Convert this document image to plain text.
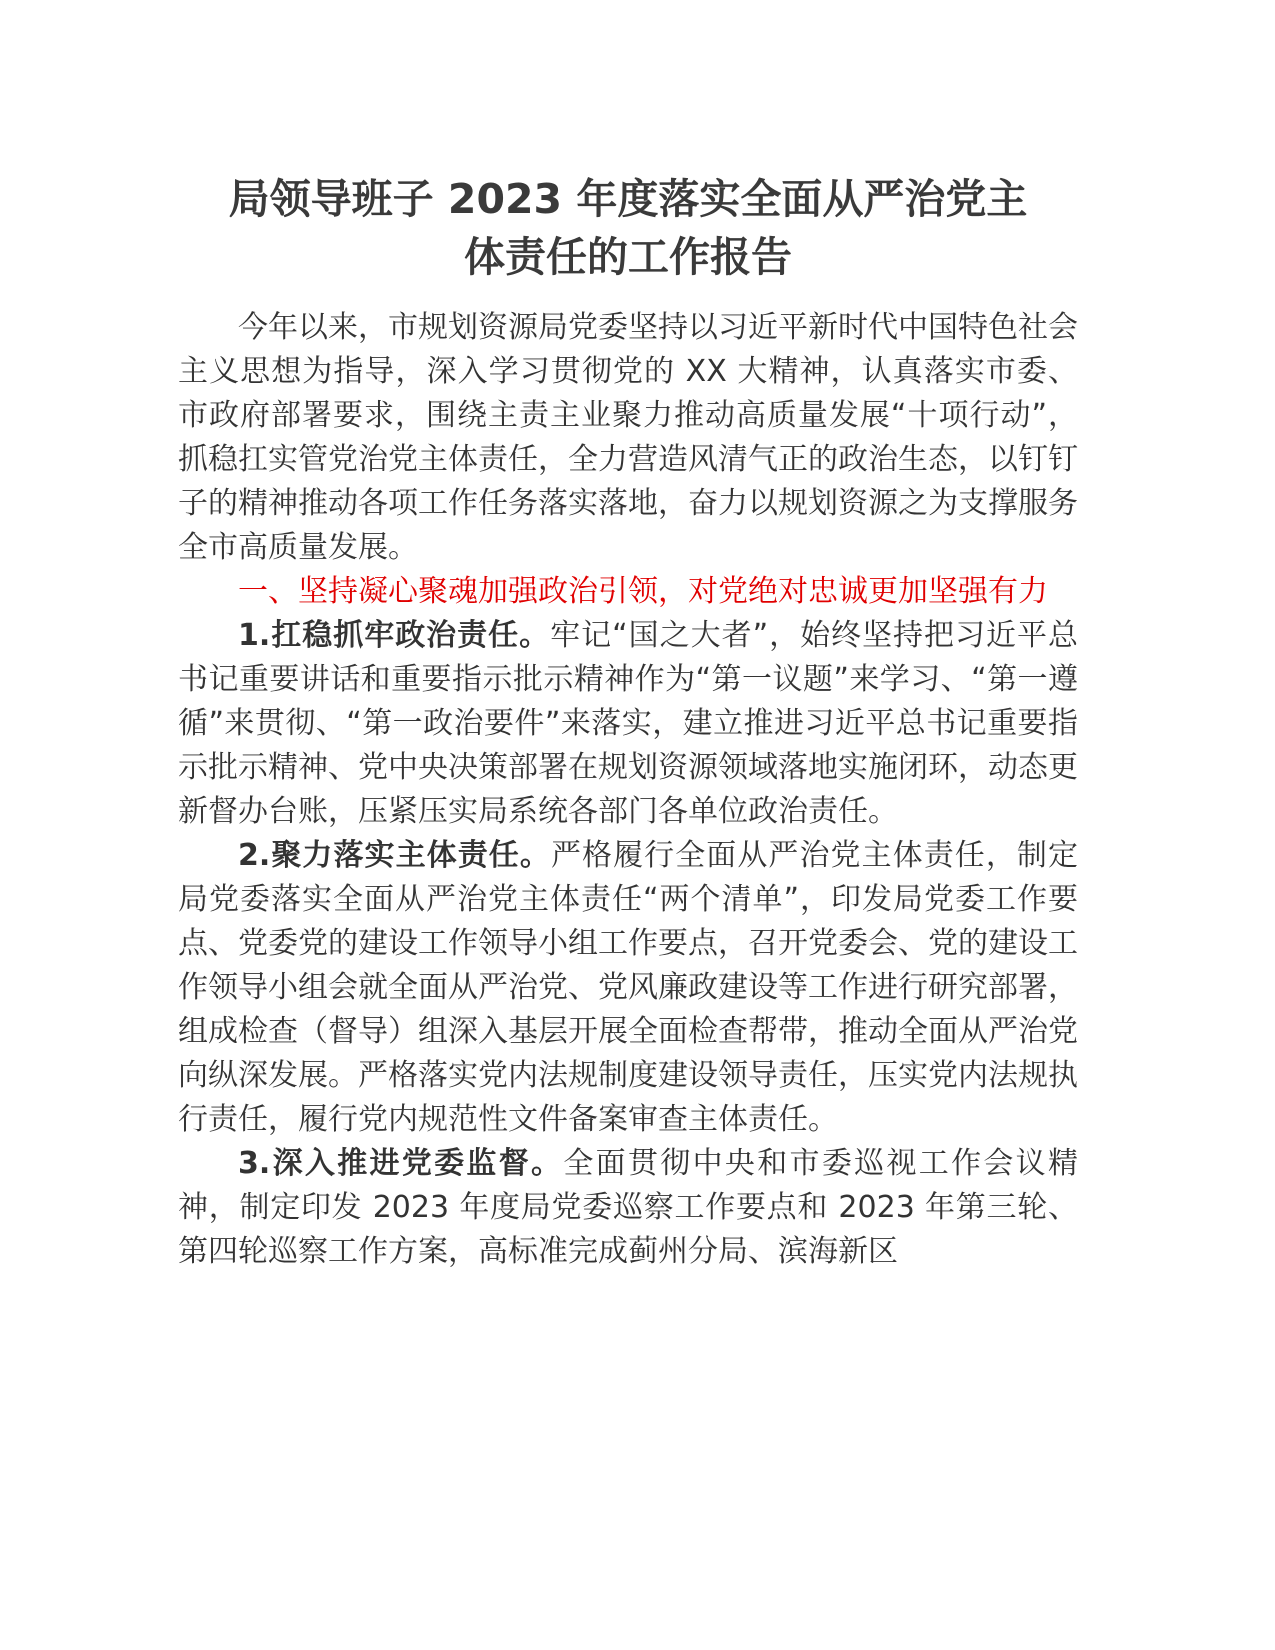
局领导班子 2023 年度落实全面从严治党主
体责任的工作报告

今年以来，市规划资源局党委坚持以习近平新时代中国特色社会主义思想为指导，深入学习贯彻党的 XX 大精神，认真落实市委、市政府部署要求，围绕主责主业聚力推动高质量发展“十项行动”，抓稳扛实管党治党主体责任，全力营造风清气正的政治生态，以钉钉子的精神推动各项工作任务落实落地，奋力以规划资源之为支撑服务全市高质量发展。

一、坚持凝心聚魂加强政治引领，对党绝对忠诚更加坚强有力

1.扛稳抓牢政治责任。牢记“国之大者”，始终坚持把习近平总书记重要讲话和重要指示批示精神作为“第一议题”来学习、“第一遵循”来贯彻、“第一政治要件”来落实，建立推进习近平总书记重要指示批示精神、党中央决策部署在规划资源领域落地实施闭环，动态更新督办台账，压紧压实局系统各部门各单位政治责任。

2.聚力落实主体责任。严格履行全面从严治党主体责任，制定局党委落实全面从严治党主体责任“两个清单”，印发局党委工作要点、党委党的建设工作领导小组工作要点，召开党委会、党的建设工作领导小组会就全面从严治党、党风廉政建设等工作进行研究部署，组成检查（督导）组深入基层开展全面检查帮带，推动全面从严治党向纵深发展。严格落实党内法规制度建设领导责任，压实党内法规执行责任，履行党内规范性文件备案审查主体责任。

3.深入推进党委监督。全面贯彻中央和市委巡视工作会议精神，制定印发 2023 年度局党委巡察工作要点和 2023 年第三轮、第四轮巡察工作方案，高标准完成蓟州分局、滨海新区
